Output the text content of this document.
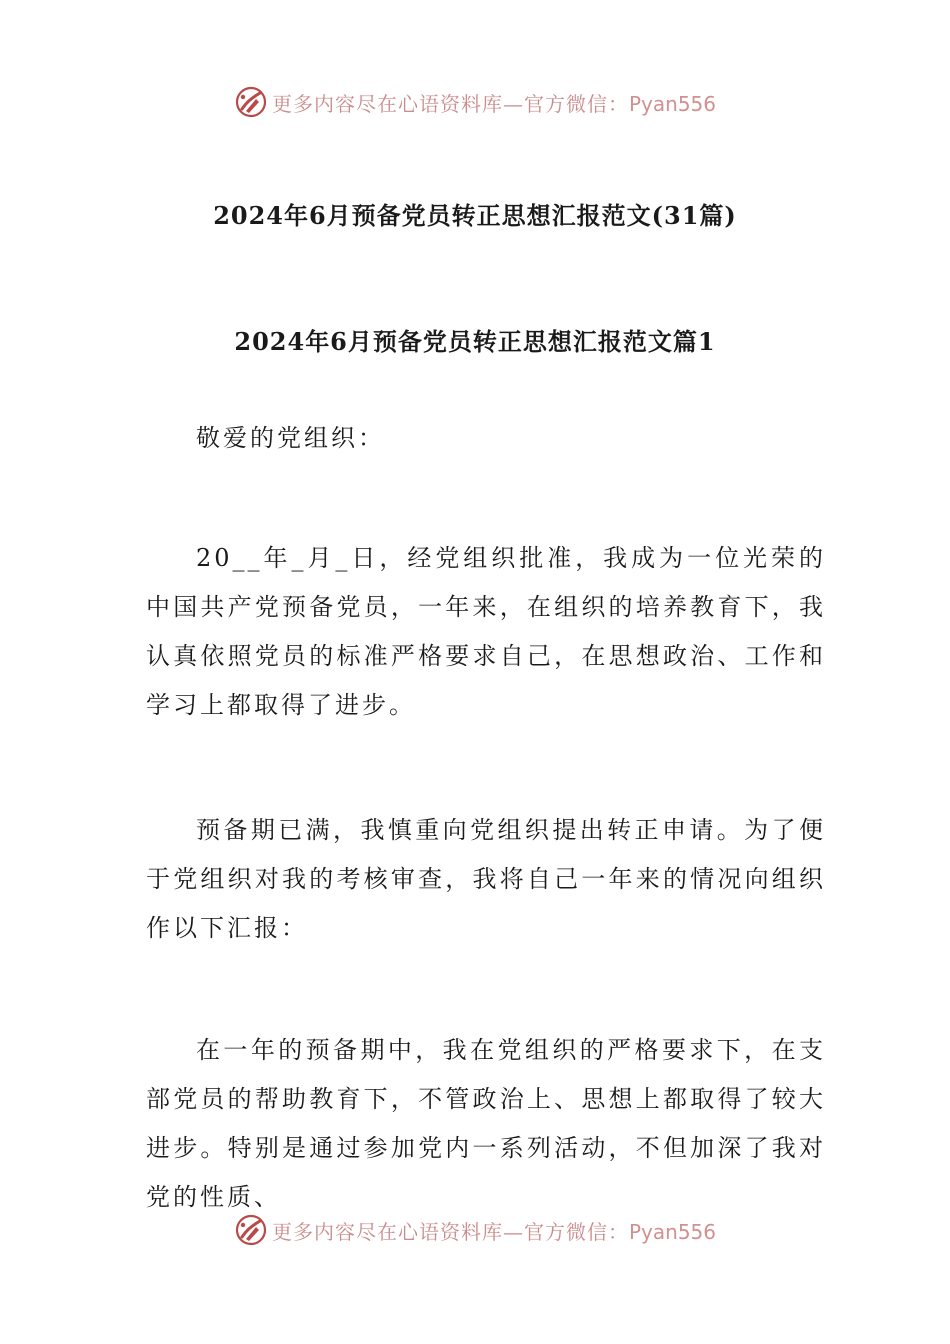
更多内容尽在心语资料库—官方微信：Pyan556
2024年6月预备党员转正思想汇报范文(31篇)
2024年6月预备党员转正思想汇报范文篇1

敬爱的党组织：

20__年_月_日，经党组织批准，我成为一位光荣的中国共产党预备党员，一年来，在组织的培养教育下，我认真依照党员的标准严格要求自己，在思想政治、工作和学习上都取得了进步。

预备期已满，我慎重向党组织提出转正申请。为了便于党组织对我的考核审查，我将自己一年来的情况向组织作以下汇报：

在一年的预备期中，我在党组织的严格要求下，在支部党员的帮助教育下，不管政治上、思想上都取得了较大进步。特别是通过参加党内一系列活动，不但加深了我对党的性质、

更多内容尽在心语资料库—官方微信：Pyan556
